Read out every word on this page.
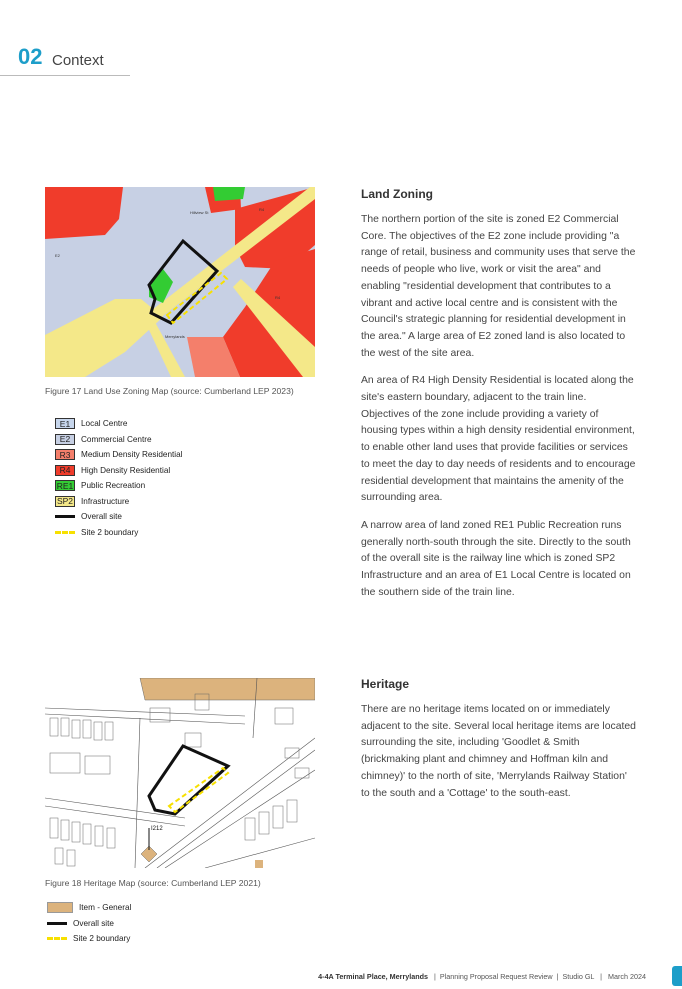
02 Context
Hillview St
R4
R4
E2
Merrylands
Figure 17 Land Use Zoning Map (source: Cumberland LEP 2023)
E1	Local Centre
E2	Commercial Centre
R3	Medium Density Residential
R4	High Density Residential
RE1 Public Recreation
SP2 Infrastructure
Overall site
Site 2 boundary
I212
Figure 18 Heritage Map (source: Cumberland LEP 2021)
Item - General
Overall site
Site 2 boundary
Land Zoning

The northern portion of the site is zoned E2 Commercial Core. The objectives of the E2 zone include providing "a range of retail, business and community uses that serve the needs of people who live, work or visit the area" and enabling "residential development that contributes to a vibrant and active local centre and is consistent with the Council's strategic planning for residential development in the area." A large area of E2 zoned land is also located to the west of the site area.

An area of R4 High Density Residential is located along the site's eastern boundary, adjacent to the train line. Objectives of the zone include providing a variety of housing types within a high density residential environment, to enable other land uses that provide facilities or services to meet the day to day needs of residents and to encourage residential development that maintains the amenity of the surrounding area.

A narrow area of land zoned RE1 Public Recreation runs generally north-south through the site. Directly to the south of the overall site is the railway line which is zoned SP2 Infrastructure and an area of E1 Local Centre is located on the southern side of the train line.

Heritage

There are no heritage items located on or immediately adjacent to the site. Several local heritage items are located surrounding the site, including 'Goodlet & Smith (brickmaking plant and chimney and Hoffman kiln and chimney)' to the north of site, 'Merrylands Railway Station' to the south and a 'Cottage' to the south-east.

4-4A Terminal Place, Merrylands | Planning Proposal Request Review | Studio GL | March 2024
